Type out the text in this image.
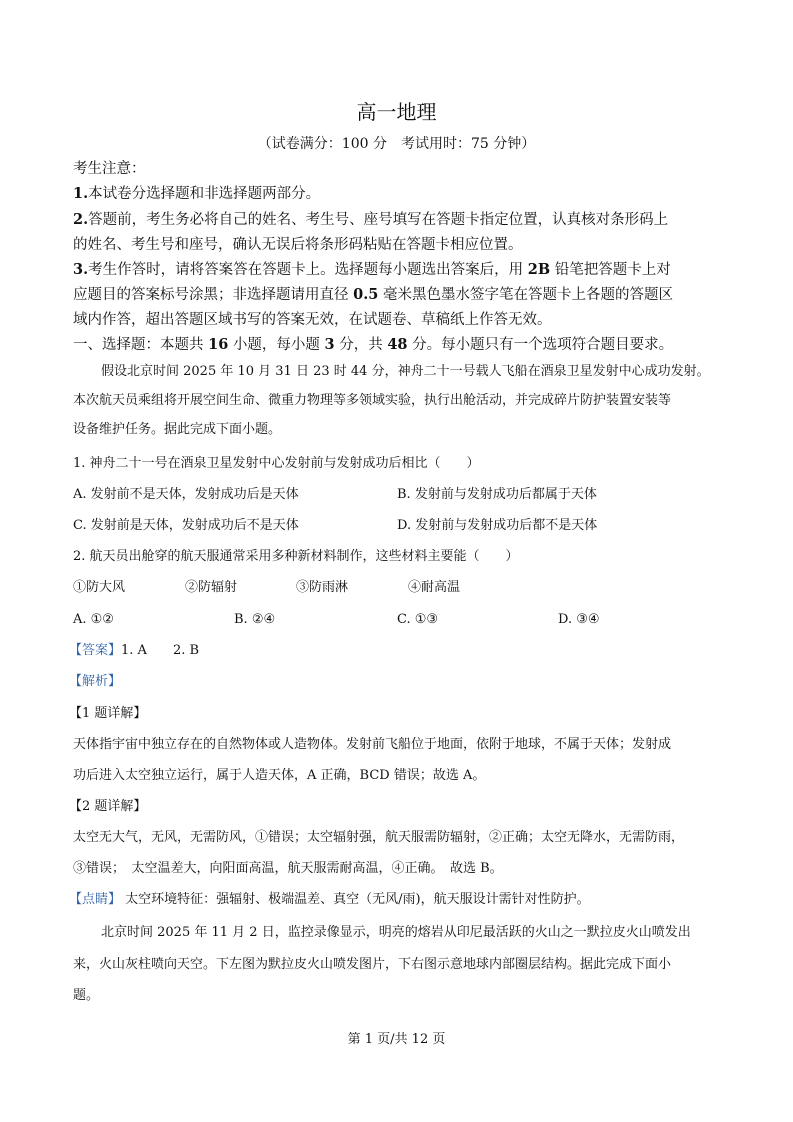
高一地理
（试卷满分：100 分　考试用时：75 分钟）
考生注意：
1.本试卷分选择题和非选择题两部分。
2.答题前，考生务必将自己的姓名、考生号、座号填写在答题卡指定位置，认真核对条形码上
的姓名、考生号和座号，确认无误后将条形码粘贴在答题卡相应位置。
3.考生作答时，请将答案答在答题卡上。选择题每小题选出答案后，用 2B 铅笔把答题卡上对
应题目的答案标号涂黑；非选择题请用直径 0.5 毫米黑色墨水签字笔在答题卡上各题的答题区
域内作答，超出答题区域书写的答案无效，在试题卷、草稿纸上作答无效。
一、选择题：本题共 16 小题，每小题 3 分，共 48 分。每小题只有一个选项符合题目要求。
假设北京时间 2025 年 10 月 31 日 23 时 44 分，神舟二十一号载人飞船在酒泉卫星发射中心成功发射。
本次航天员乘组将开展空间生命、微重力物理等多领域实验，执行出舱活动，并完成碎片防护装置安装等
设备维护任务。据此完成下面小题。
1. 神舟二十一号在酒泉卫星发射中心发射前与发射成功后相比（　　）
A. 发射前不是天体，发射成功后是天体	B. 发射前与发射成功后都属于天体
C. 发射前是天体，发射成功后不是天体	D. 发射前与发射成功后都不是天体
2. 航天员出舱穿的航天服通常采用多种新材料制作，这些材料主要能（　　）
①防大风	②防辐射	③防雨淋	④耐高温
A. ①②	B. ②④	C. ①③	D. ③④
【答案】1. A　　2. B
【解析】
【1 题详解】
天体指宇宙中独立存在的自然物体或人造物体。发射前飞船位于地面，依附于地球，不属于天体；发射成
功后进入太空独立运行，属于人造天体，A 正确，BCD 错误；故选 A。
【2 题详解】
太空无大气，无风，无需防风，①错误；太空辐射强，航天服需防辐射，②正确；太空无降水，无需防雨，
③错误；　太空温差大，向阳面高温，航天服需耐高温，④正确。　故选 B。
【点睛】 太空环境特征：强辐射、极端温差、真空（无风/雨)，航天服设计需针对性防护。
北京时间 2025 年 11 月 2 日，监控录像显示，明亮的熔岩从印尼最活跃的火山之一默拉皮火山喷发出
来，火山灰柱喷向天空。下左图为默拉皮火山喷发图片，下右图示意地球内部圈层结构。据此完成下面小
题。
第 1 页/共 12 页
